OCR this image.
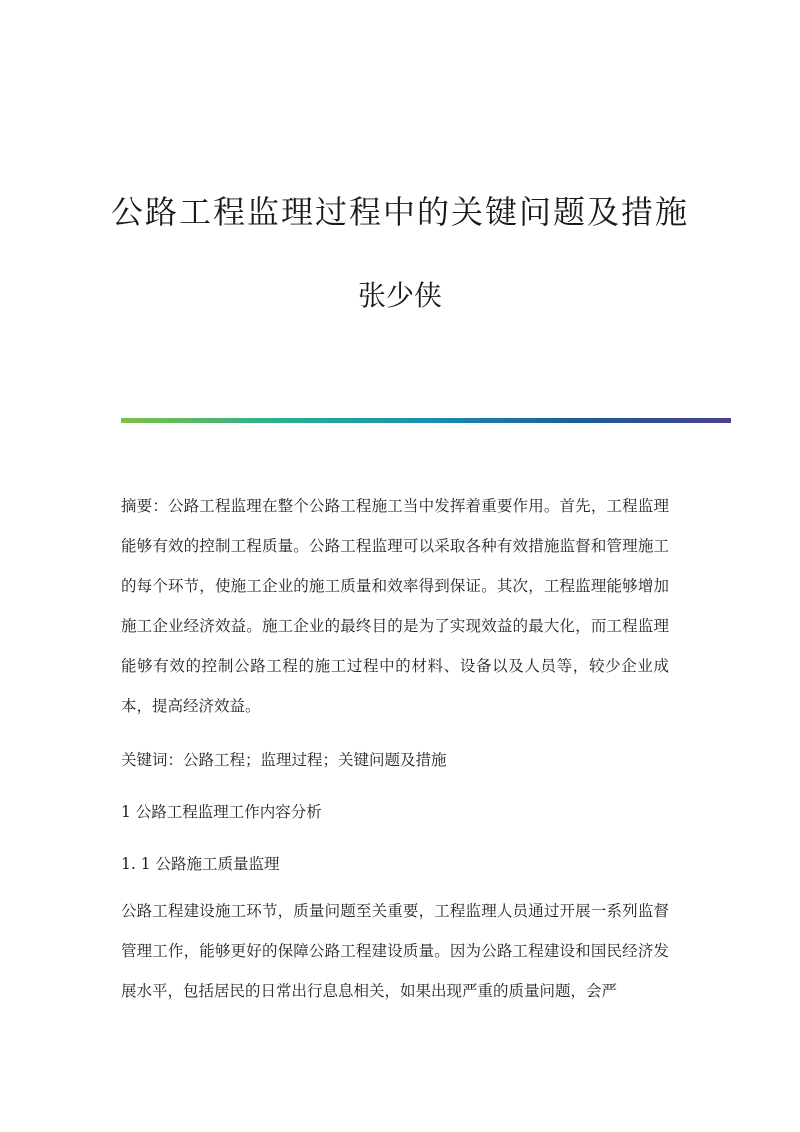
公路工程监理过程中的关键问题及措施
张少侠
摘要：公路工程监理在整个公路工程施工当中发挥着重要作用。首先，工程监理能够有效的控制工程质量。公路工程监理可以采取各种有效措施监督和管理施工的每个环节，使施工企业的施工质量和效率得到保证。其次，工程监理能够增加施工企业经济效益。施工企业的最终目的是为了实现效益的最大化，而工程监理能够有效的控制公路工程的施工过程中的材料、设备以及人员等，较少企业成本，提高经济效益。
关键词：公路工程；监理过程；关键问题及措施
1 公路工程监理工作内容分析
1. 1 公路施工质量监理
公路工程建设施工环节，质量问题至关重要，工程监理人员通过开展一系列监督管理工作，能够更好的保障公路工程建设质量。因为公路工程建设和国民经济发展水平，包括居民的日常出行息息相关，如果出现严重的质量问题，会严
